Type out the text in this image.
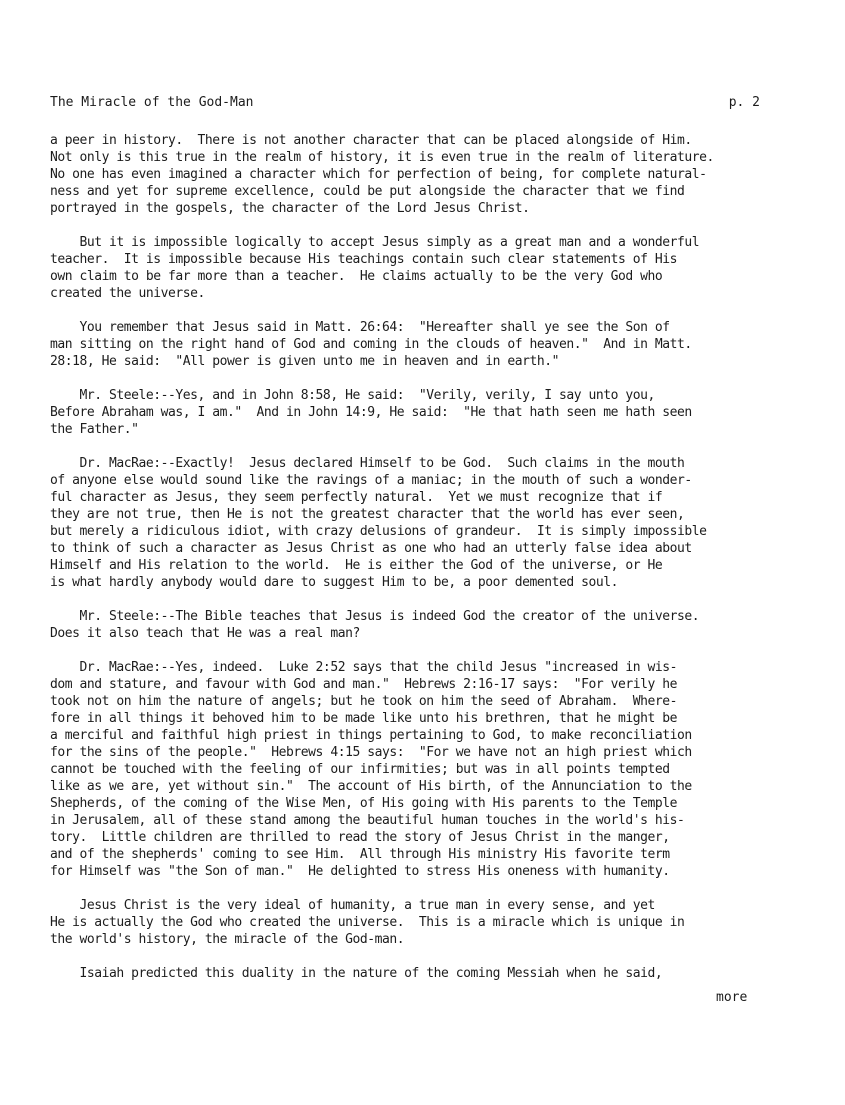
The Miracle of the God-Man	p. 2
a peer in history.  There is not another character that can be placed alongside of Him.
Not only is this true in the realm of history, it is even true in the realm of literature.
No one has even imagined a character which for perfection of being, for complete natural-
ness and yet for supreme excellence, could be put alongside the character that we find
portrayed in the gospels, the character of the Lord Jesus Christ.
But it is impossible logically to accept Jesus simply as a great man and a wonderful
teacher.  It is impossible because His teachings contain such clear statements of His
own claim to be far more than a teacher.  He claims actually to be the very God who
created the universe.
You remember that Jesus said in Matt. 26:64:  "Hereafter shall ye see the Son of
man sitting on the right hand of God and coming in the clouds of heaven."  And in Matt.
28:18, He said:  "All power is given unto me in heaven and in earth."
Mr. Steele:--Yes, and in John 8:58, He said:  "Verily, verily, I say unto you,
Before Abraham was, I am."  And in John 14:9, He said:  "He that hath seen me hath seen
the Father."
Dr. MacRae:--Exactly!  Jesus declared Himself to be God.  Such claims in the mouth
of anyone else would sound like the ravings of a maniac; in the mouth of such a wonder-
ful character as Jesus, they seem perfectly natural.  Yet we must recognize that if
they are not true, then He is not the greatest character that the world has ever seen,
but merely a ridiculous idiot, with crazy delusions of grandeur.  It is simply impossible
to think of such a character as Jesus Christ as one who had an utterly false idea about
Himself and His relation to the world.  He is either the God of the universe, or He
is what hardly anybody would dare to suggest Him to be, a poor demented soul.
Mr. Steele:--The Bible teaches that Jesus is indeed God the creator of the universe.
Does it also teach that He was a real man?
Dr. MacRae:--Yes, indeed.  Luke 2:52 says that the child Jesus "increased in wis-
dom and stature, and favour with God and man."  Hebrews 2:16-17 says:  "For verily he
took not on him the nature of angels; but he took on him the seed of Abraham.  Where-
fore in all things it behoved him to be made like unto his brethren, that he might be
a merciful and faithful high priest in things pertaining to God, to make reconciliation
for the sins of the people."  Hebrews 4:15 says:  "For we have not an high priest which
cannot be touched with the feeling of our infirmities; but was in all points tempted
like as we are, yet without sin."  The account of His birth, of the Annunciation to the
Shepherds, of the coming of the Wise Men, of His going with His parents to the Temple
in Jerusalem, all of these stand among the beautiful human touches in the world's his-
tory.  Little children are thrilled to read the story of Jesus Christ in the manger,
and of the shepherds' coming to see Him.  All through His ministry His favorite term
for Himself was "the Son of man."  He delighted to stress His oneness with humanity.
Jesus Christ is the very ideal of humanity, a true man in every sense, and yet
He is actually the God who created the universe.  This is a miracle which is unique in
the world's history, the miracle of the God-man.
Isaiah predicted this duality in the nature of the coming Messiah when he said,
more
